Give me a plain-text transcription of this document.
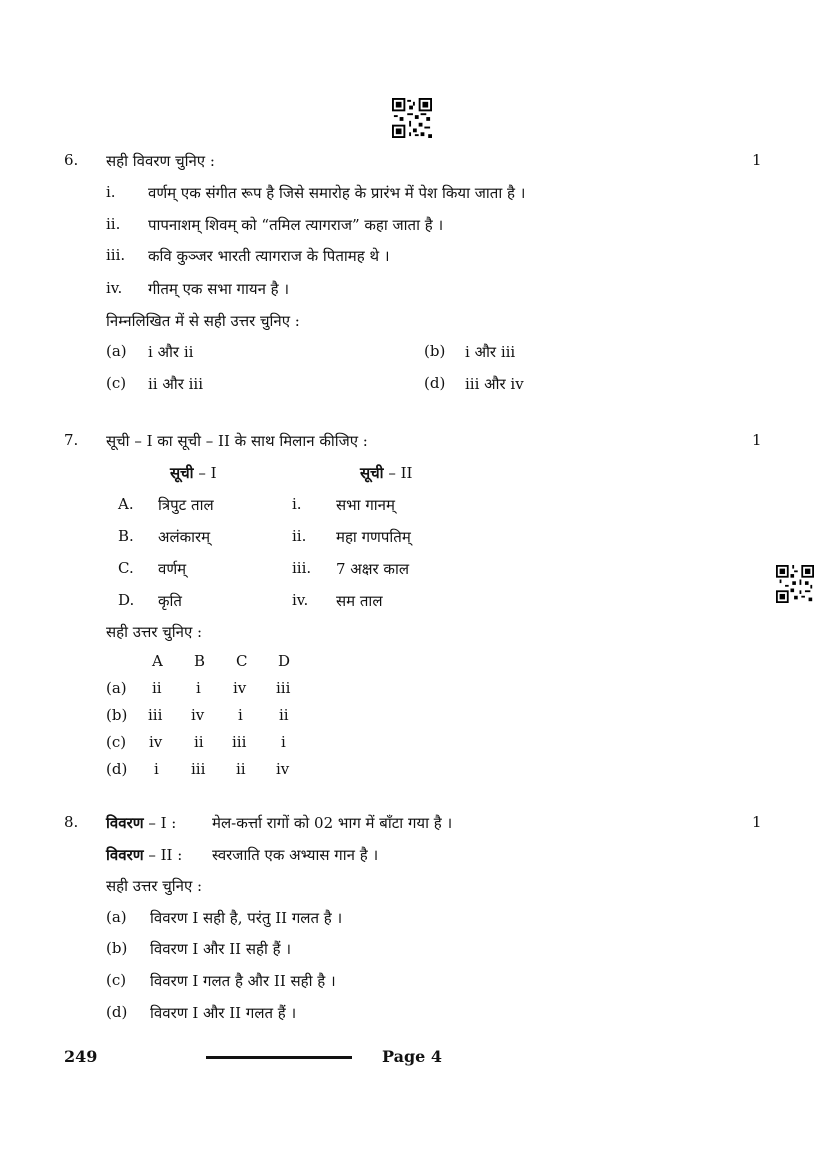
6. सही विवरण चुनिए :	1
i. वर्णम् एक संगीत रूप है जिसे समारोह के प्रारंभ में पेश किया जाता है ।
ii. पापनाशम् शिवम् को “तमिल त्यागराज” कहा जाता है ।
iii. कवि कुञ्जर भारती त्यागराज के पितामह थे ।
iv. गीतम् एक सभा गायन है ।
निम्नलिखित में से सही उत्तर चुनिए :
(a) i और ii	(b) i और iii
(c) ii और iii	(d) iii और iv
7. सूची – I का सूची – II के साथ मिलान कीजिए :	1
सूची – I	सूची – II
A. त्रिपुट ताल	i. सभा गानम्
B. अलंकारम्	ii. महा गणपतिम्
C. वर्णम्	iii. 7 अक्षर काल
D. कृति	iv. सम ताल
सही उत्तर चुनिए :
A B C D
(a) ii i iv iii
(b) iii iv i ii
(c) iv ii iii i
(d) i iii ii iv
8. विवरण – I : मेल-कर्त्ता रागों को 02 भाग में बाँटा गया है ।	1
विवरण – II : स्वरजाति एक अभ्यास गान है ।
सही उत्तर चुनिए :
(a) विवरण I सही है, परंतु II गलत है ।
(b) विवरण I और II सही हैं ।
(c) विवरण I गलत है और II सही है ।
(d) विवरण I और II गलत हैं ।
249	Page 4
